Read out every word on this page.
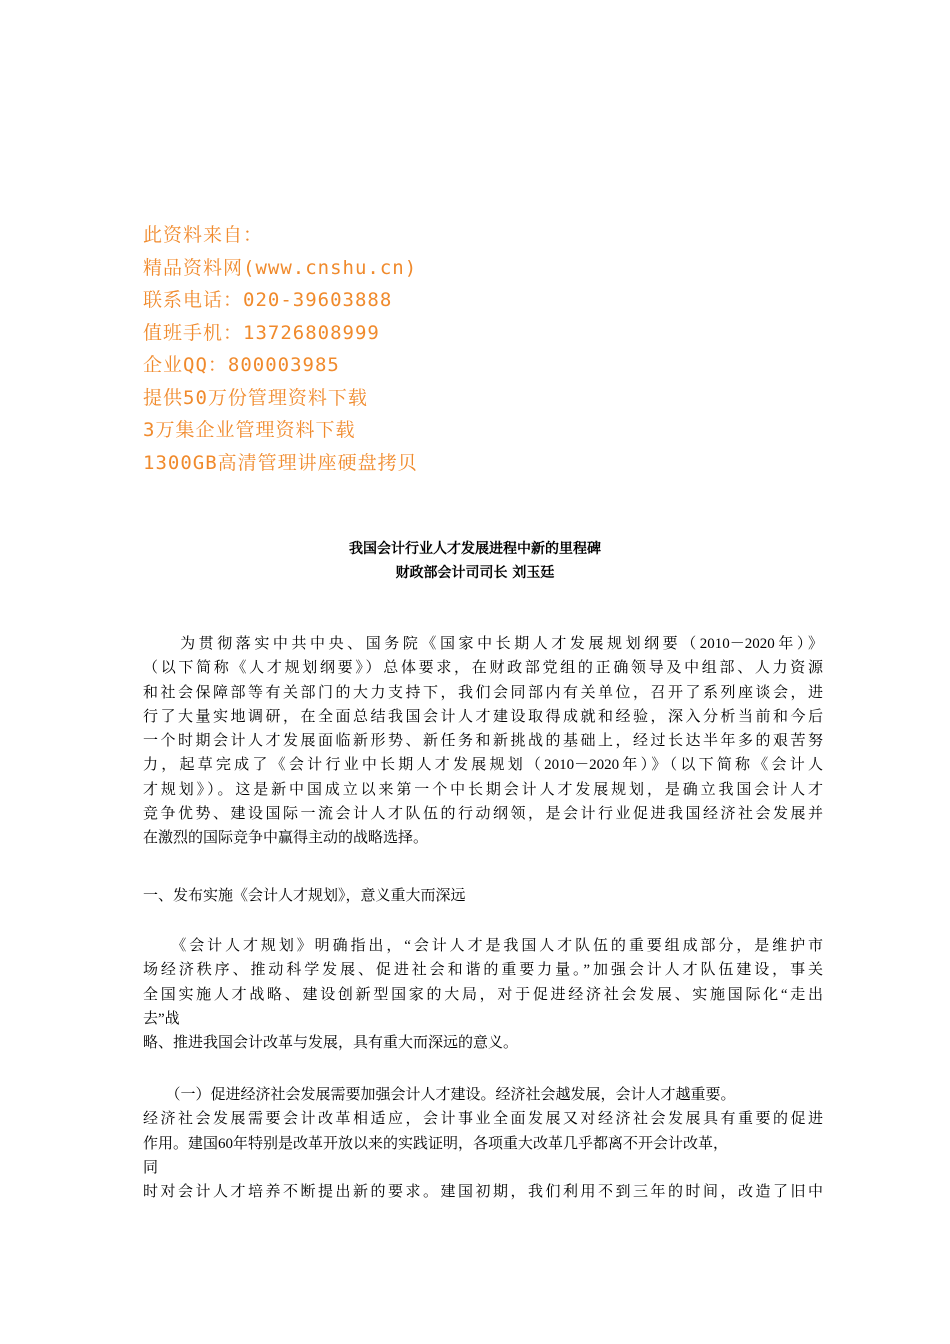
此资料来自：
精品资料网(www.cnshu.cn)
联系电话：020-39603888
值班手机：13726808999
企业QQ：800003985
提供50万份管理资料下载
3万集企业管理资料下载
1300GB高清管理讲座硬盘拷贝
我国会计行业人才发展进程中新的里程碑
财政部会计司司长 刘玉廷
　　为贯彻落实中共中央、国务院《国家中长期人才发展规划纲要（2010－2020年）》
（以下简称《人才规划纲要》）总体要求，在财政部党组的正确领导及中组部、人力资源
和社会保障部等有关部门的大力支持下，我们会同部内有关单位，召开了系列座谈会，进
行了大量实地调研，在全面总结我国会计人才建设取得成就和经验，深入分析当前和今后
一个时期会计人才发展面临新形势、新任务和新挑战的基础上，经过长达半年多的艰苦努
力，起草完成了《会计行业中长期人才发展规划（2010－2020年）》（以下简称《会计人
才规划》）。这是新中国成立以来第一个中长期会计人才发展规划，是确立我国会计人才
竞争优势、建设国际一流会计人才队伍的行动纲领，是会计行业促进我国经济社会发展并
在激烈的国际竞争中赢得主动的战略选择。
一、发布实施《会计人才规划》，意义重大而深远
　　《会计人才规划》明确指出，“会计人才是我国人才队伍的重要组成部分，是维护市
场经济秩序、推动科学发展、促进社会和谐的重要力量。”加强会计人才队伍建设，事关
全国实施人才战略、建设创新型国家的大局，对于促进经济社会发展、实施国际化“走出
去”战
略、推进我国会计改革与发展，具有重大而深远的意义。
　　（一）促进经济社会发展需要加强会计人才建设。经济社会越发展，会计人才越重要。
经济社会发展需要会计改革相适应，会计事业全面发展又对经济社会发展具有重要的促进
作用。建国60年特别是改革开放以来的实践证明，各项重大改革几乎都离不开会计改革，
同
时对会计人才培养不断提出新的要求。建国初期，我们利用不到三年的时间，改造了旧中
